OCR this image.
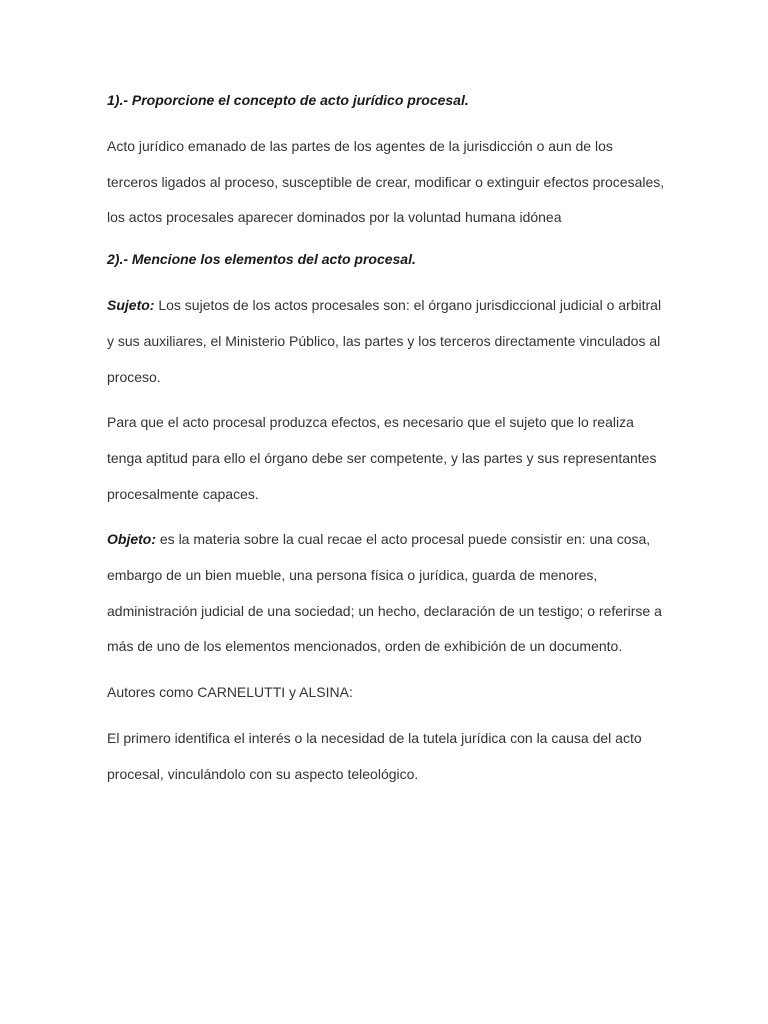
1).- Proporcione el concepto de acto jurídico procesal.

Acto jurídico emanado de las partes de los agentes de la jurisdicción o aun de los terceros ligados al proceso, susceptible de crear, modificar o extinguir efectos procesales, los actos procesales aparecer dominados por la voluntad humana idónea

2).- Mencione los elementos del acto procesal.

Sujeto: Los sujetos de los actos procesales son: el órgano jurisdiccional judicial o arbitral y sus auxiliares, el Ministerio Público, las partes y los terceros directamente vinculados al proceso.

Para que el acto procesal produzca efectos, es necesario que el sujeto que lo realiza tenga aptitud para ello el órgano debe ser competente, y las partes y sus representantes procesalmente capaces.

Objeto: es la materia sobre la cual recae el acto procesal puede consistir en: una cosa, embargo de un bien mueble, una persona física o jurídica, guarda de menores, administración judicial de una sociedad; un hecho, declaración de un testigo; o referirse a más de uno de los elementos mencionados, orden de exhibición de un documento.

Autores como CARNELUTTI y ALSINA:

El primero identifica el interés o la necesidad de la tutela jurídica con la causa del acto procesal, vinculándolo con su aspecto teleológico.
